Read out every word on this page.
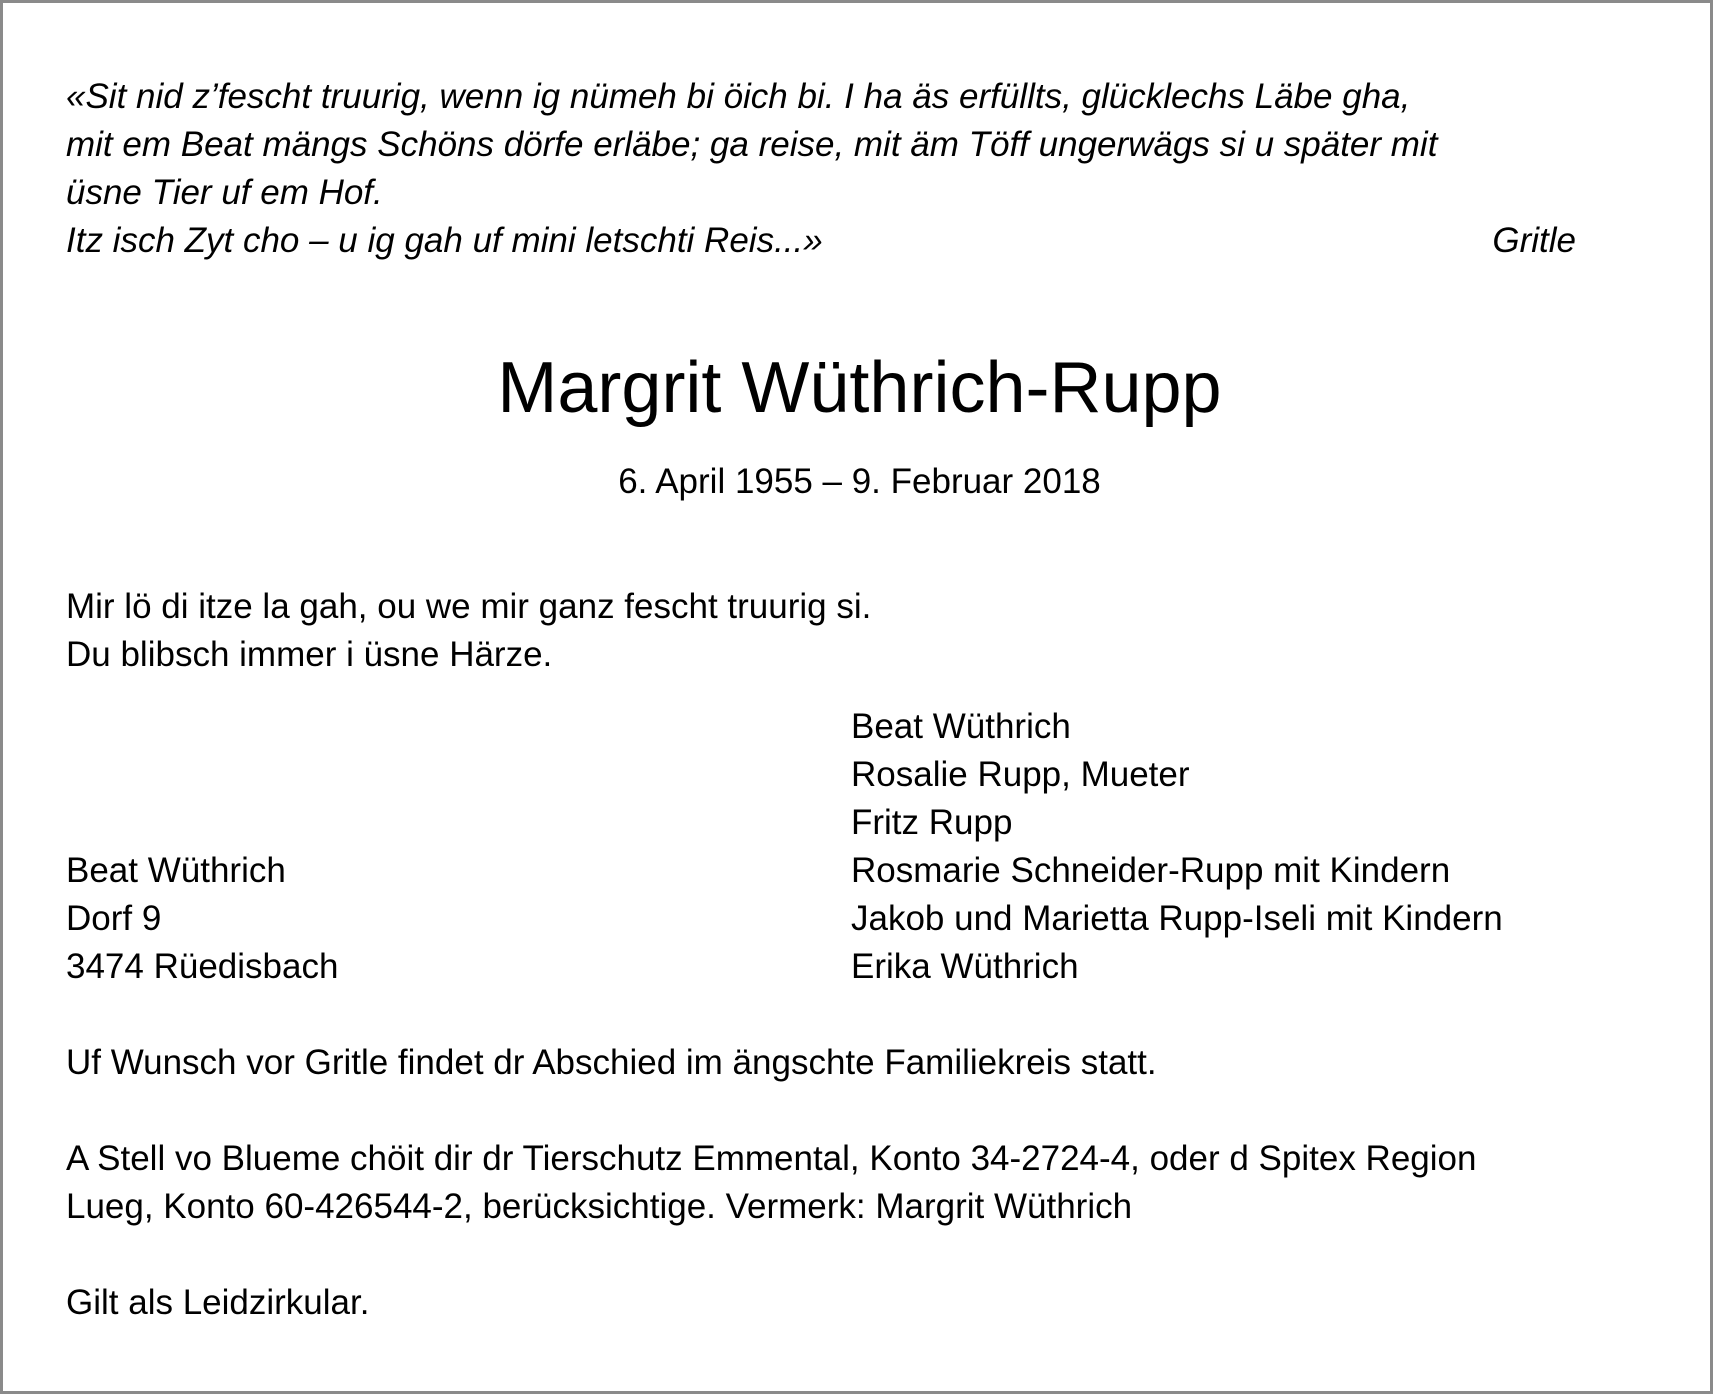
«Sit nid z’fescht truurig, wenn ig nümeh bi öich bi. I ha äs erfüllts, glücklechs Läbe gha,
mit em Beat mängs Schöns dörfe erläbe; ga reise, mit äm Töff ungerwägs si u später mit
üsne Tier uf em Hof.
Itz isch Zyt cho – u ig gah uf mini letschti Reis...»	Gritle
Margrit Wüthrich-Rupp
6. April 1955 – 9. Februar 2018
Mir lö di itze la gah, ou we mir ganz fescht truurig si.
Du blibsch immer i üsne Härze.
Beat Wüthrich
Rosalie Rupp, Mueter
Fritz Rupp
Rosmarie Schneider-Rupp mit Kindern
Jakob und Marietta Rupp-Iseli mit Kindern
Erika Wüthrich
Beat Wüthrich
Dorf 9
3474 Rüedisbach
Uf Wunsch vor Gritle findet dr Abschied im ängschte Familiekreis statt.
A Stell vo Blueme chöit dir dr Tierschutz Emmental, Konto 34-2724-4, oder d Spitex Region
Lueg, Konto 60-426544-2, berücksichtige. Vermerk: Margrit Wüthrich
Gilt als Leidzirkular.
